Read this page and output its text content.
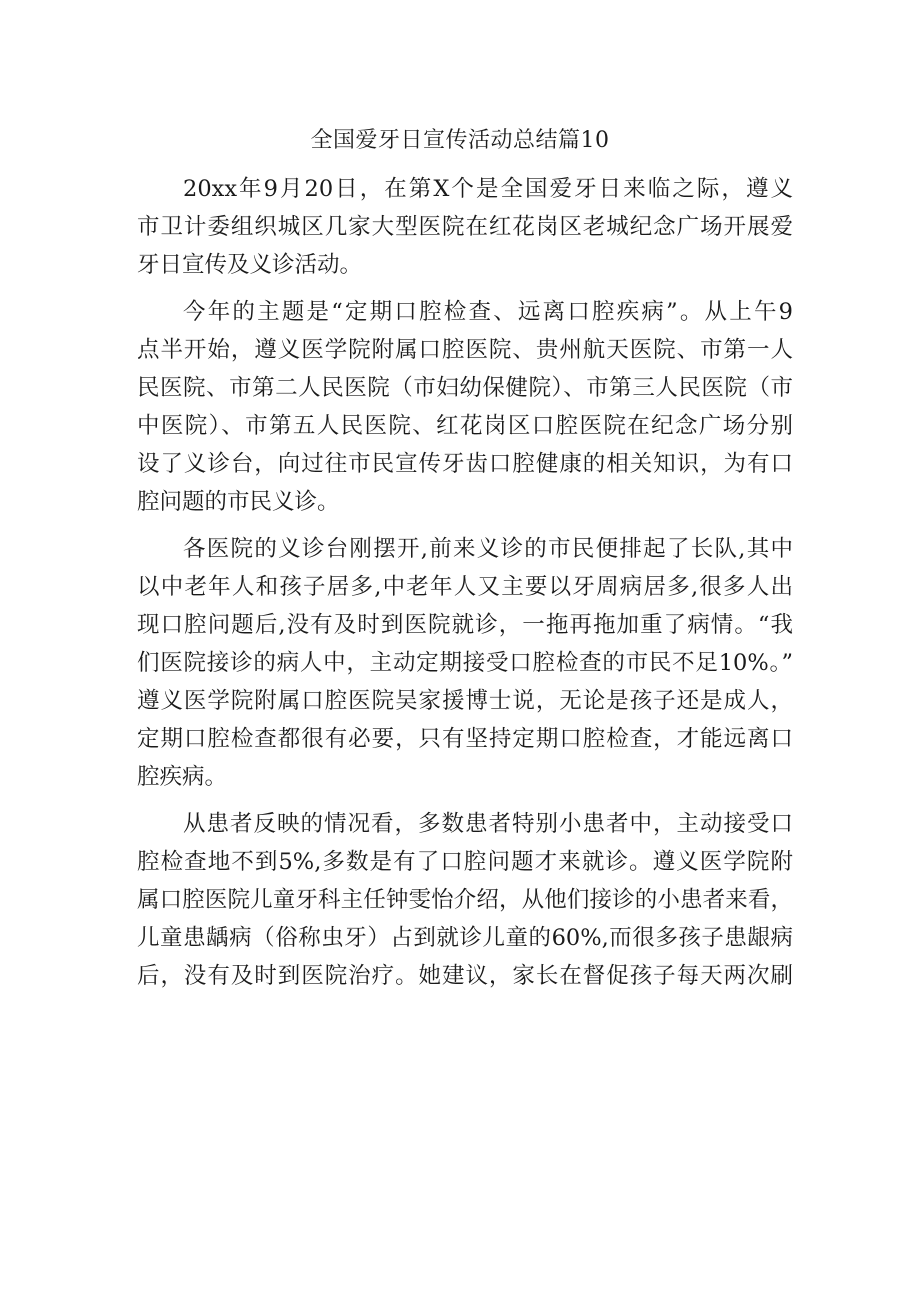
全国爱牙日宣传活动总结篇10
20xx年9月20日，在第X个是全国爱牙日来临之际，遵义
市卫计委组织城区几家大型医院在红花岗区老城纪念广场开展爱
牙日宣传及义诊活动。
今年的主题是“定期口腔检查、远离口腔疾病”。从上午9
点半开始，遵义医学院附属口腔医院、贵州航天医院、市第一人
民医院、市第二人民医院（市妇幼保健院）、市第三人民医院（市
中医院）、市第五人民医院、红花岗区口腔医院在纪念广场分别
设了义诊台，向过往市民宣传牙齿口腔健康的相关知识，为有口
腔问题的市民义诊。
各医院的义诊台刚摆开,前来义诊的市民便排起了长队,其中
以中老年人和孩子居多,中老年人又主要以牙周病居多,很多人出
现口腔问题后,没有及时到医院就诊，一拖再拖加重了病情。“我
们医院接诊的病人中，主动定期接受口腔检查的市民不足10%。”
遵义医学院附属口腔医院吴家援博士说，无论是孩子还是成人，
定期口腔检查都很有必要，只有坚持定期口腔检查，才能远离口
腔疾病。
从患者反映的情况看，多数患者特别小患者中，主动接受口
腔检查地不到5%,多数是有了口腔问题才来就诊。遵义医学院附
属口腔医院儿童牙科主任钟雯怡介绍，从他们接诊的小患者来看，
儿童患龋病（俗称虫牙）占到就诊儿童的60%,而很多孩子患龈病
后，没有及时到医院治疗。她建议，家长在督促孩子每天两次刷
